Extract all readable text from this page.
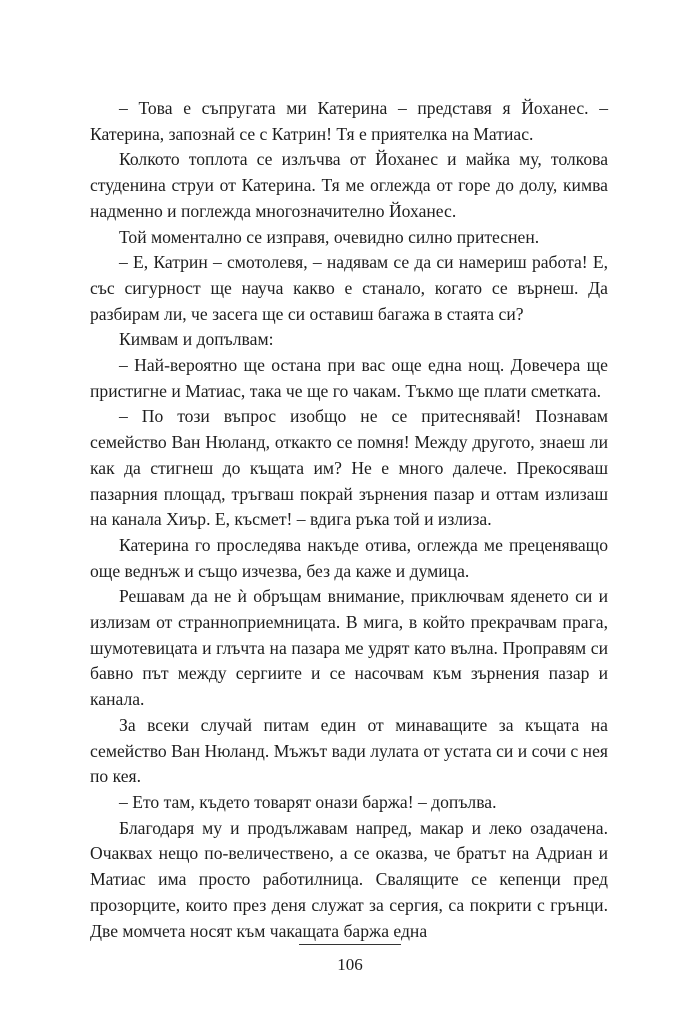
– Това е съпругата ми Катерина – представя я Йоханес. – Катерина, запознай се с Катрин! Тя е приятелка на Матиас.

Колкото топлота се излъчва от Йоханес и майка му, толкова студенина струи от Катерина. Тя ме оглежда от горе до долу, кимва надменно и поглежда многозначително Йоханес.

Той моментално се изправя, очевидно силно притеснен.

– Е, Катрин – смотолевя, – надявам се да си намериш работа! Е, със сигурност ще науча какво е станало, когато се върнеш. Да разбирам ли, че засега ще си оставиш багажа в стаята си?

Кимвам и допълвам:

– Най-вероятно ще остана при вас още една нощ. Довечера ще пристигне и Матиас, така че ще го чакам. Тъкмо ще плати сметката.

– По този въпрос изобщо не се притеснявай! Познавам семейство Ван Нюланд, откакто се помня! Между другото, знаеш ли как да стигнеш до къщата им? Не е много далече. Прекосяваш пазарния площад, тръгваш покрай зърнения пазар и оттам излизаш на канала Хиър. Е, късмет! – вдига ръка той и излиза.

Катерина го проследява накъде отива, оглежда ме преценяващо още веднъж и също изчезва, без да каже и думица.

Решавам да не ѝ обръщам внимание, приключвам яденето си и излизам от странноприемницата. В мига, в който прекрачвам прага, шумотевицата и глъчта на пазара ме удрят като вълна. Проправям си бавно път между сергиите и се насочвам към зърнения пазар и канала.

За всеки случай питам един от минаващите за къщата на семейство Ван Нюланд. Мъжът вади лулата от устата си и сочи с нея по кея.

– Ето там, където товарят онази баржа! – допълва.

Благодаря му и продължавам напред, макар и леко озадачена. Очаквах нещо по-величествено, а се оказва, че братът на Адриан и Матиас има просто работилница. Свалящите се кепенци пред прозорците, които през деня служат за сергия, са покрити с грънци. Две момчета носят към чакащата баржа една

106
